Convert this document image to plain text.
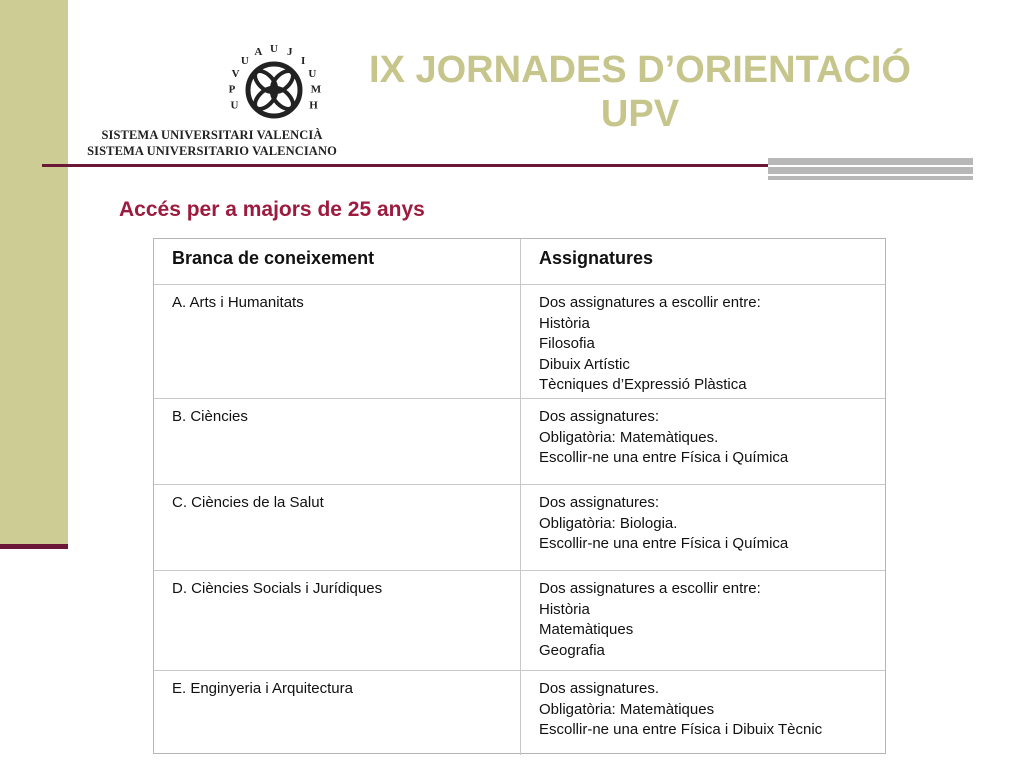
U
P
V
U
A U J
I
U
M
H
SISTEMA UNIVERSITARI VALENCIÀ
SISTEMA UNIVERSITARIO VALENCIANO
IX JORNADES D’ORIENTACIÓ
UPV
Accés per a majors de 25 anys
Branca de coneixement	Assignatures
A. Arts i Humanitats	Dos assignatures a escollir entre:
Història
Filosofia
Dibuix Artístic
Tècniques d’Expressió Plàstica
B. Ciències	Dos assignatures:
Obligatòria: Matemàtiques.
Escollir-ne una entre Física i Química
C. Ciències de la Salut	Dos assignatures:
Obligatòria: Biologia.
Escollir-ne una entre Física i Química
D. Ciències Socials i Jurídiques	Dos assignatures a escollir entre:
Història
Matemàtiques
Geografia
E. Enginyeria i Arquitectura	Dos assignatures.
Obligatòria: Matemàtiques
Escollir-ne una entre Física i Dibuix Tècnic
